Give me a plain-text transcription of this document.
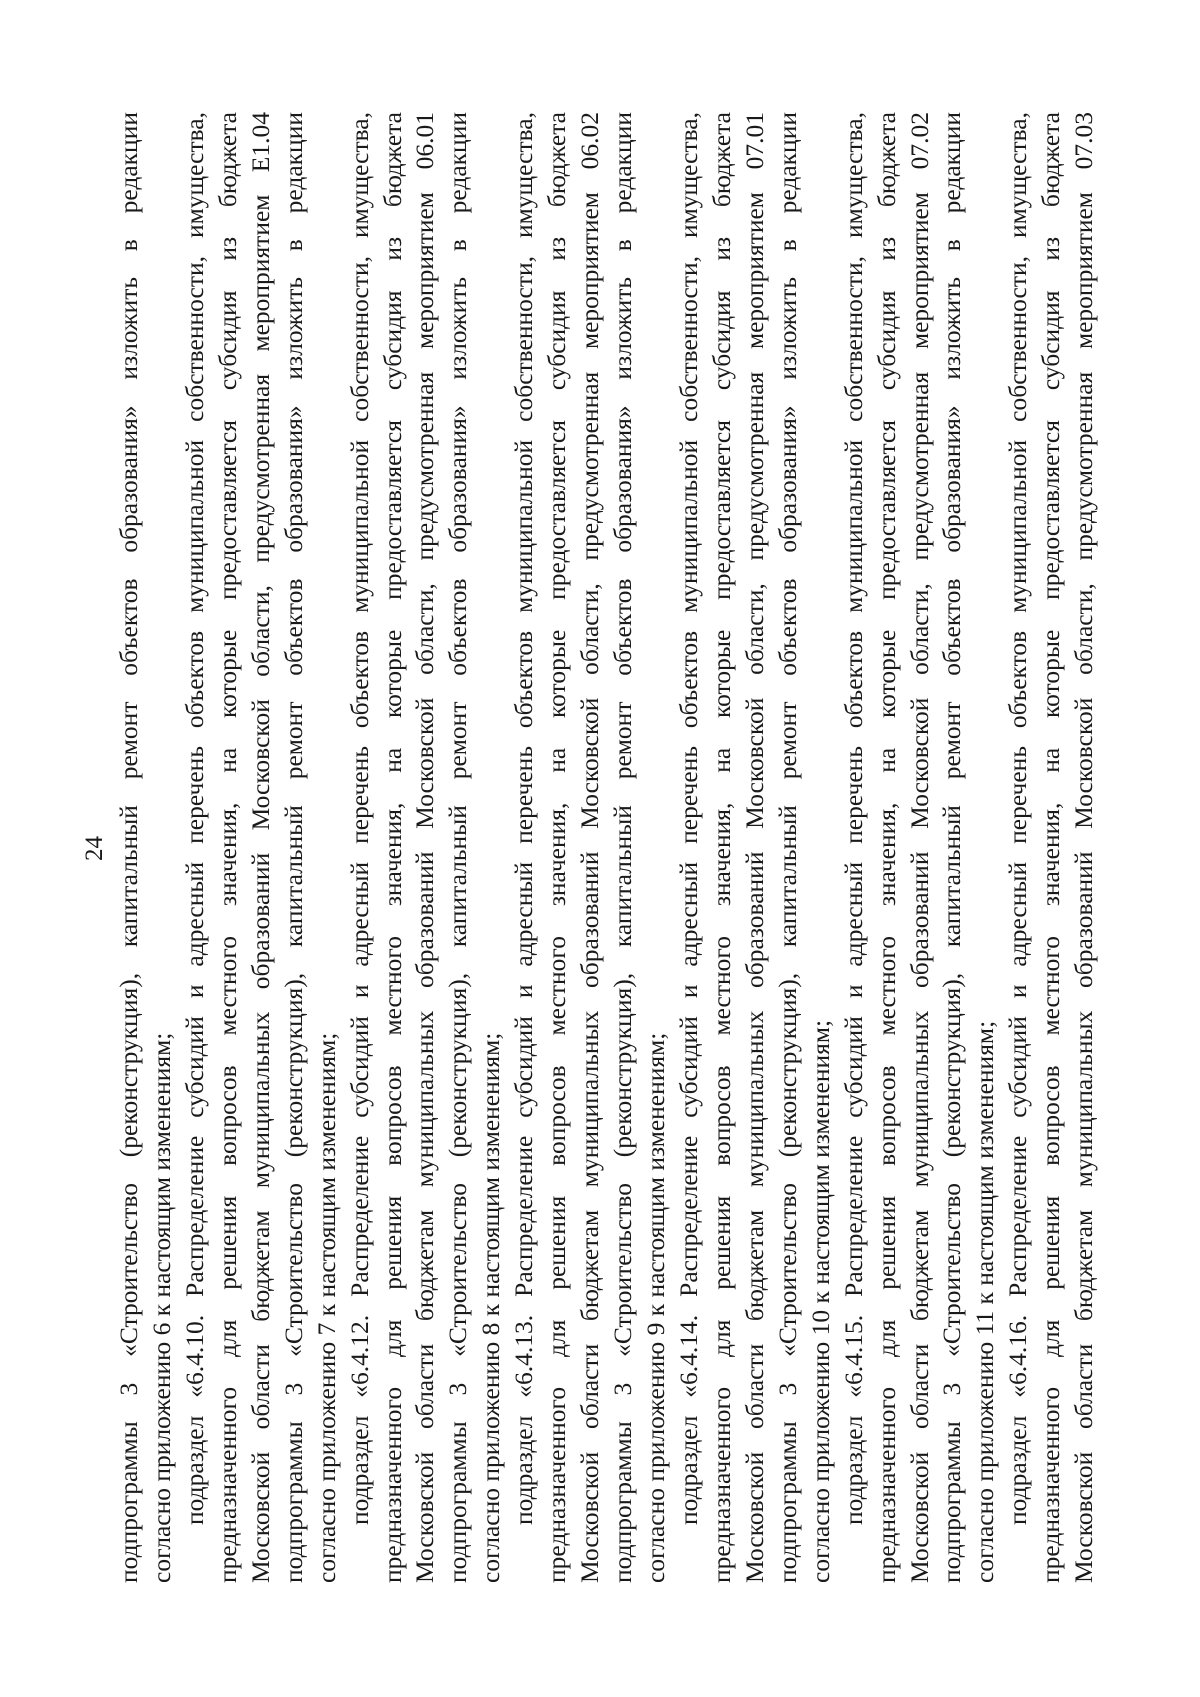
24 подпрограммы 3 «Строительство (реконструкция), капитальный ремонт объектов образования» изложить в редакции согласно приложению 6 к настоящим изменениям; подраздел «6.4.10. Распределение субсидий и адресный перечень объектов муниципальной собственности, имущества, предназначенного для решения вопросов местного значения, на которые предоставляется субсидия из бюджета Московской области бюджетам муниципальных образований Московской области, предусмотренная мероприятием Е1.04 подпрограммы 3 «Строительство (реконструкция), капитальный ремонт объектов образования» изложить в редакции согласно приложению 7 к настоящим изменениям; подраздел «6.4.12. Распределение субсидий и адресный перечень объектов муниципальной собственности, имущества, предназначенного для решения вопросов местного значения, на которые предоставляется субсидия из бюджета Московской области бюджетам муниципальных образований Московской области, предусмотренная мероприятием 06.01 подпрограммы 3 «Строительство (реконструкция), капитальный ремонт объектов образования» изложить в редакции согласно приложению 8 к настоящим изменениям; подраздел «6.4.13. Распределение субсидий и адресный перечень объектов муниципальной собственности, имущества, предназначенного для решения вопросов местного значения, на которые предоставляется субсидия из бюджета Московской области бюджетам муниципальных образований Московской области, предусмотренная мероприятием 06.02 подпрограммы 3 «Строительство (реконструкция), капитальный ремонт объектов образования» изложить в редакции согласно приложению 9 к настоящим изменениям; подраздел «6.4.14. Распределение субсидий и адресный перечень объектов муниципальной собственности, имущества, предназначенного для решения вопросов местного значения, на которые предоставляется субсидия из бюджета Московской области бюджетам муниципальных образований Московской области, предусмотренная мероприятием 07.01 подпрограммы 3 «Строительство (реконструкция), капитальный ремонт объектов образования» изложить в редакции согласно приложению 10 к настоящим изменениям; подраздел «6.4.15. Распределение субсидий и адресный перечень объектов муниципальной собственности, имущества, предназначенного для решения вопросов местного значения, на которые предоставляется субсидия из бюджета Московской области бюджетам муниципальных образований Московской области, предусмотренная мероприятием 07.02 подпрограммы 3 «Строительство (реконструкция), капитальный ремонт объектов образования» изложить в редакции согласно приложению 11 к настоящим изменениям; подраздел «6.4.16. Распределение субсидий и адресный перечень объектов муниципальной собственности, имущества, предназначенного для решения вопросов местного значения, на которые предоставляется субсидия из бюджета Московской области бюджетам муниципальных образований Московской области, предусмотренная мероприятием 07.03
